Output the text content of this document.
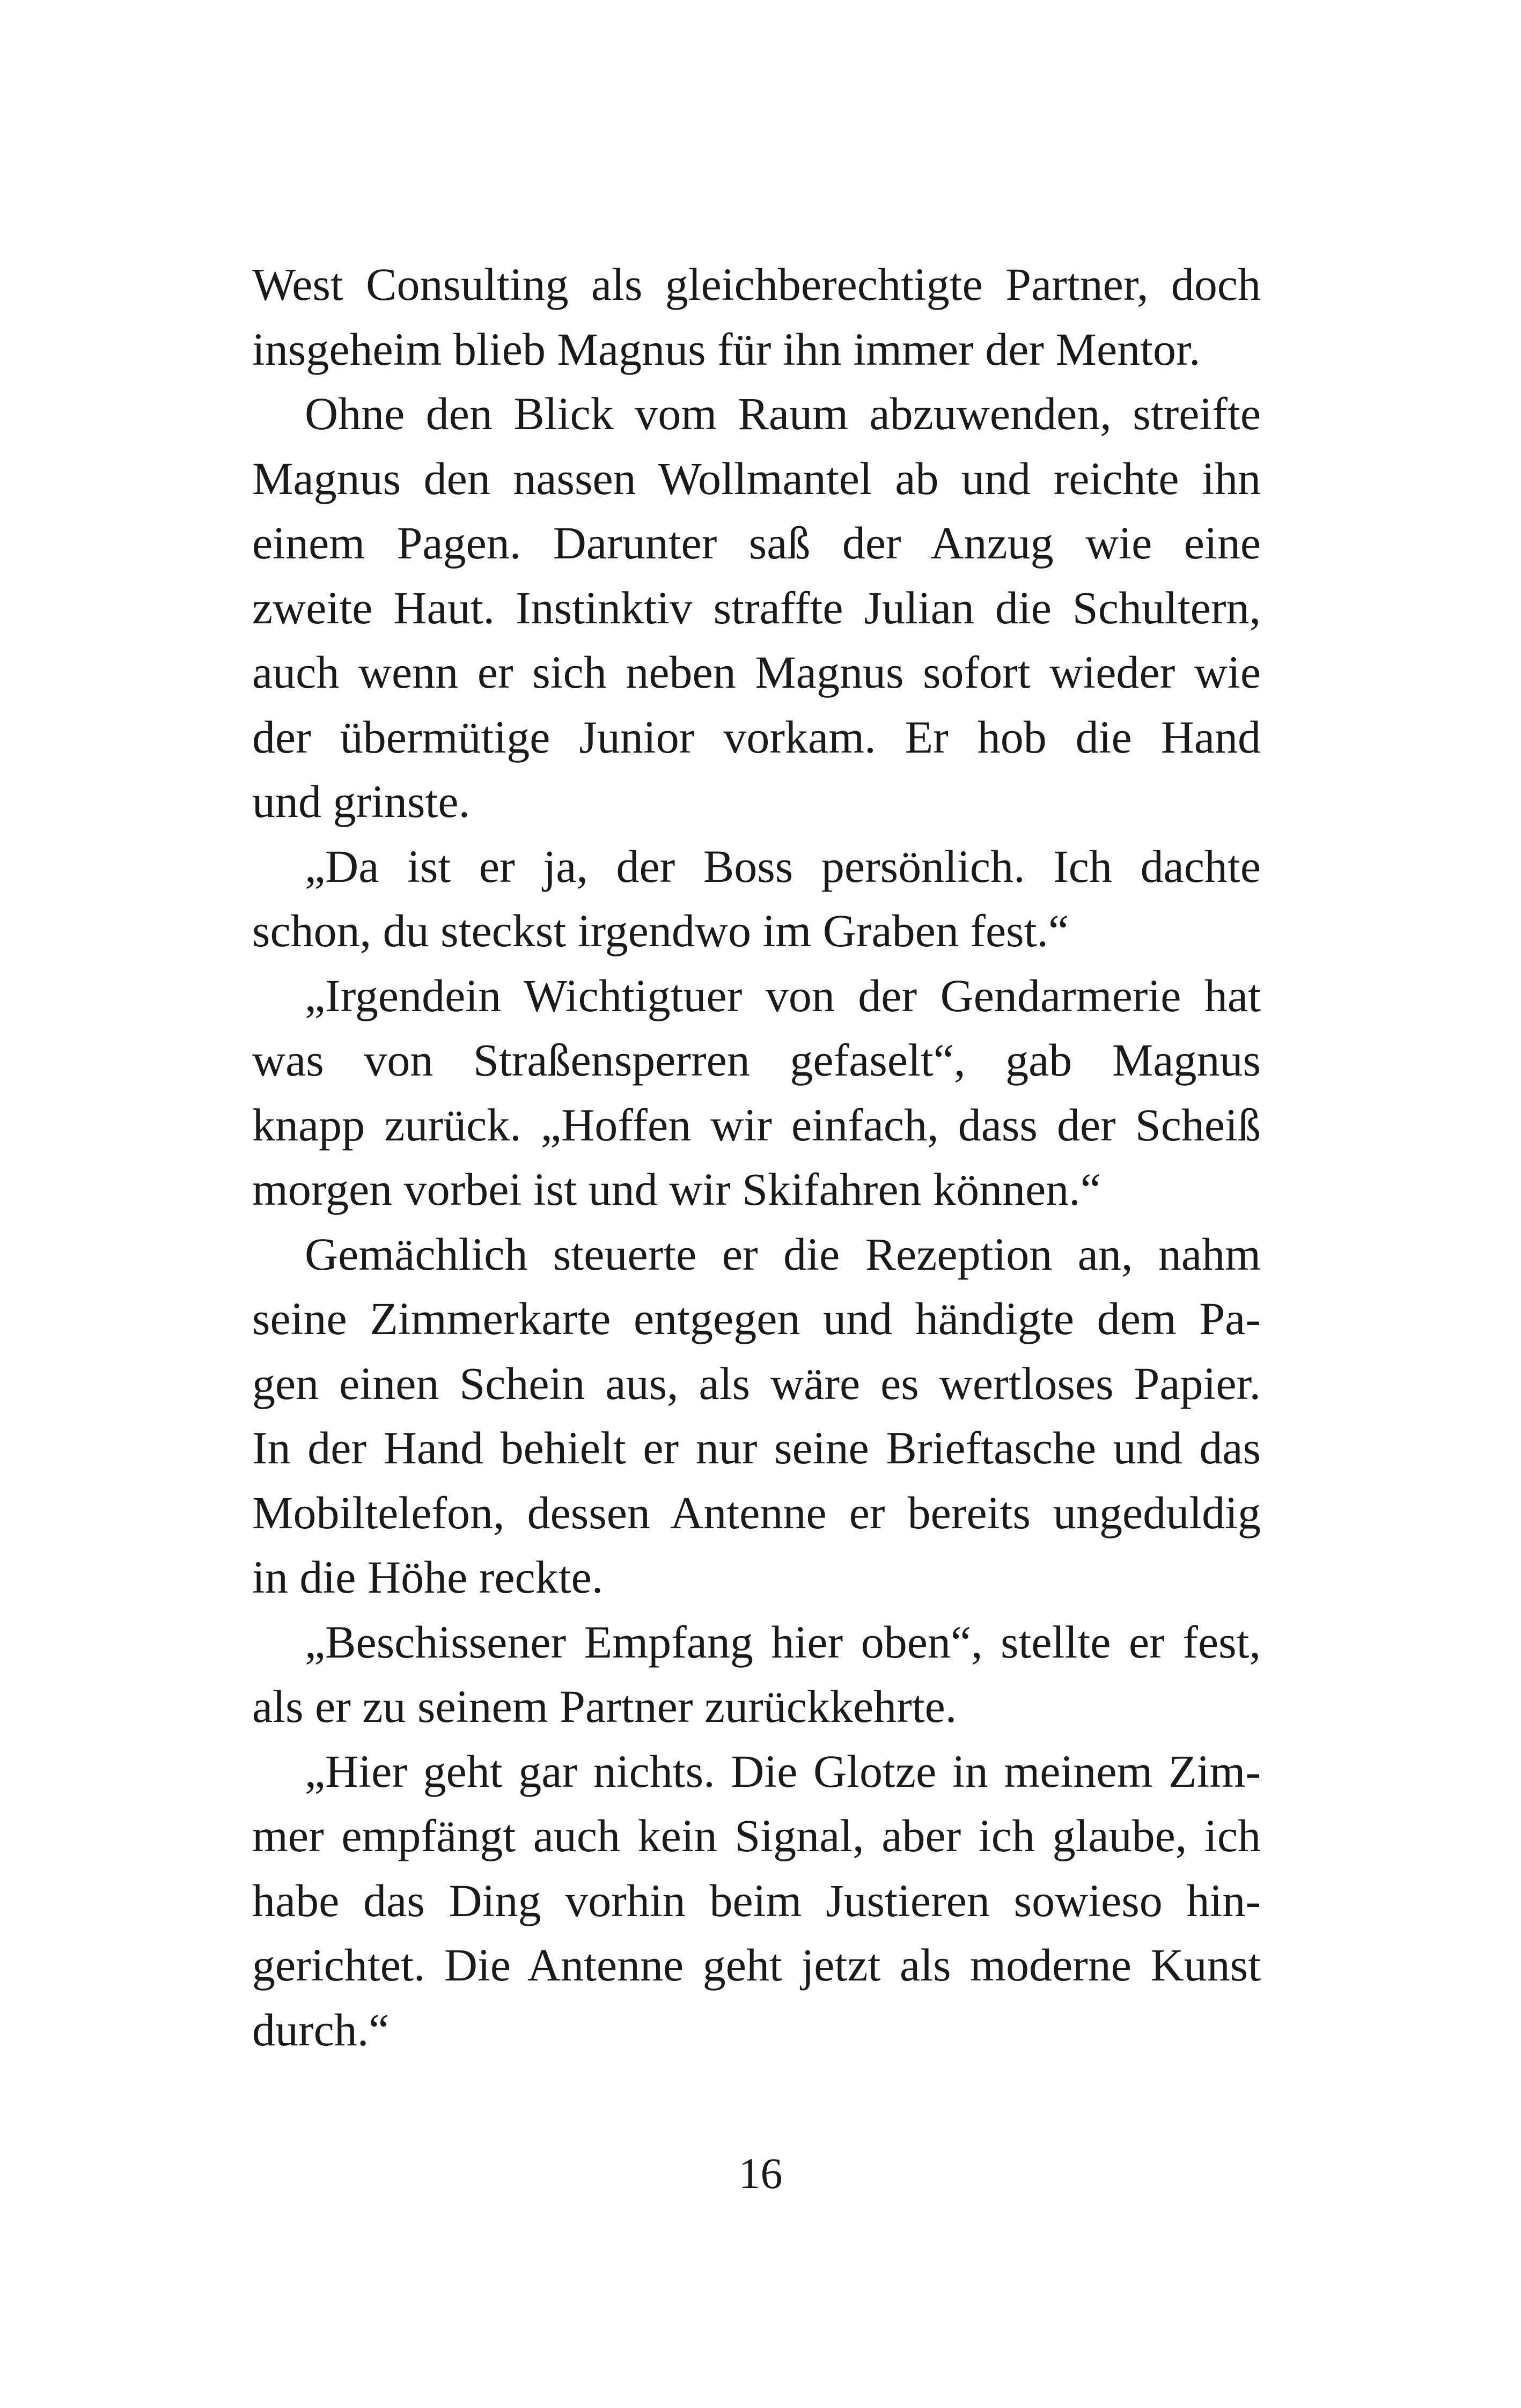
West Consulting als gleichberechtigte Partner, doch
insgeheim blieb Magnus für ihn immer der Mentor.
Ohne den Blick vom Raum abzuwenden, streifte
Magnus den nassen Wollmantel ab und reichte ihn
einem Pagen. Darunter saß der Anzug wie eine
zweite Haut. Instinktiv straffte Julian die Schultern,
auch wenn er sich neben Magnus sofort wieder wie
der übermütige Junior vorkam. Er hob die Hand
und grinste.
„Da ist er ja, der Boss persönlich. Ich dachte
schon, du steckst irgendwo im Graben fest.“
„Irgendein Wichtigtuer von der Gendarmerie hat
was von Straßensperren gefaselt“, gab Magnus
knapp zurück. „Hoffen wir einfach, dass der Scheiß
morgen vorbei ist und wir Skifahren können.“
Gemächlich steuerte er die Rezeption an, nahm
seine Zimmerkarte entgegen und händigte dem Pa-
gen einen Schein aus, als wäre es wertloses Papier.
In der Hand behielt er nur seine Brieftasche und das
Mobiltelefon, dessen Antenne er bereits ungeduldig
in die Höhe reckte.
„Beschissener Empfang hier oben“, stellte er fest,
als er zu seinem Partner zurückkehrte.
„Hier geht gar nichts. Die Glotze in meinem Zim-
mer empfängt auch kein Signal, aber ich glaube, ich
habe das Ding vorhin beim Justieren sowieso hin-
gerichtet. Die Antenne geht jetzt als moderne Kunst
durch.“
16
